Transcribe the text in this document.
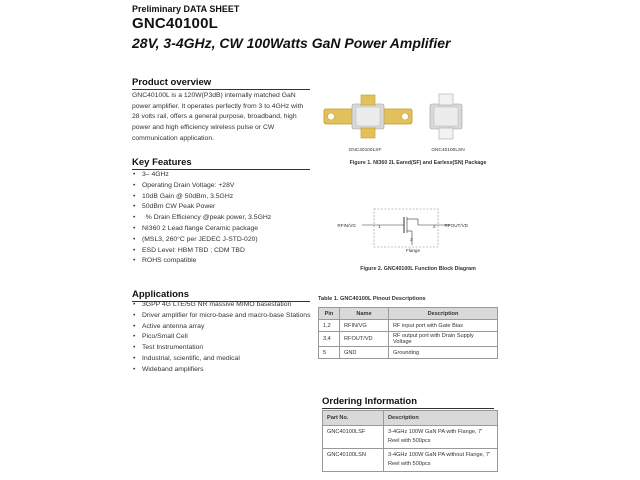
Preliminary DATA SHEET
GNC40100L
28V, 3-4GHz, CW 100Watts GaN Power Amplifier
Product overview
GNC40100L is a 120W(P3dB) internally matched GaN power amplifier. It operates perfectly from 3 to 4GHz with 28 volts rail, offers a general purpose, broadband, high power and high efficiency wireless pulse or CW communication application.
Key Features
• 3– 4GHz
• Operating Drain Voltage: +28V
• 10dB Gain @ 50dBm, 3.5GHz
• 50dBm CW Peak Power
•   % Drain Efficiency @peak power, 3.5GHz
• NI360 2 Lead flange Ceramic package
• (MSL3, 260°C per JEDEC J-STD-020)
• ESD Level: HBM TBD ; CDM TBD
• ROHS compatible
Applications
• 3GPP 4G LTE/5G NR massive MIMO basestation
• Driver amplifier for micro-base and macro-base Stations
• Active antenna array
• Pico/Small Cell
• Test Instrumentation
• Industrial, scientific, and medical
• Wideband amplifiers
GNC40100LSF	GNC40100LSN
Figure 1. NI360 2L Eared(SF) and Earless(SN) Package
RFIN/VG	RFOUT/VD
1	2
3
Flange
Figure 2. GNC40100L Function Block Diagram
Table 1. GNC40100L Pinout Descriptions
Pin	Name	Description
1,2	RFIN/VG	RF input port with Gate Bias
3,4	RFOUT/VD	RF output port with Drain Supply Voltage
5	GND	Grounding
Ordering Information
Part No.	Description
GNC40100LSF	3-4GHz 100W GaN PA with Flange, 7' Reel with 500pcs
GNC40100LSN	3-4GHz 100W GaN PA without Flange, 7' Reel with 500pcs
